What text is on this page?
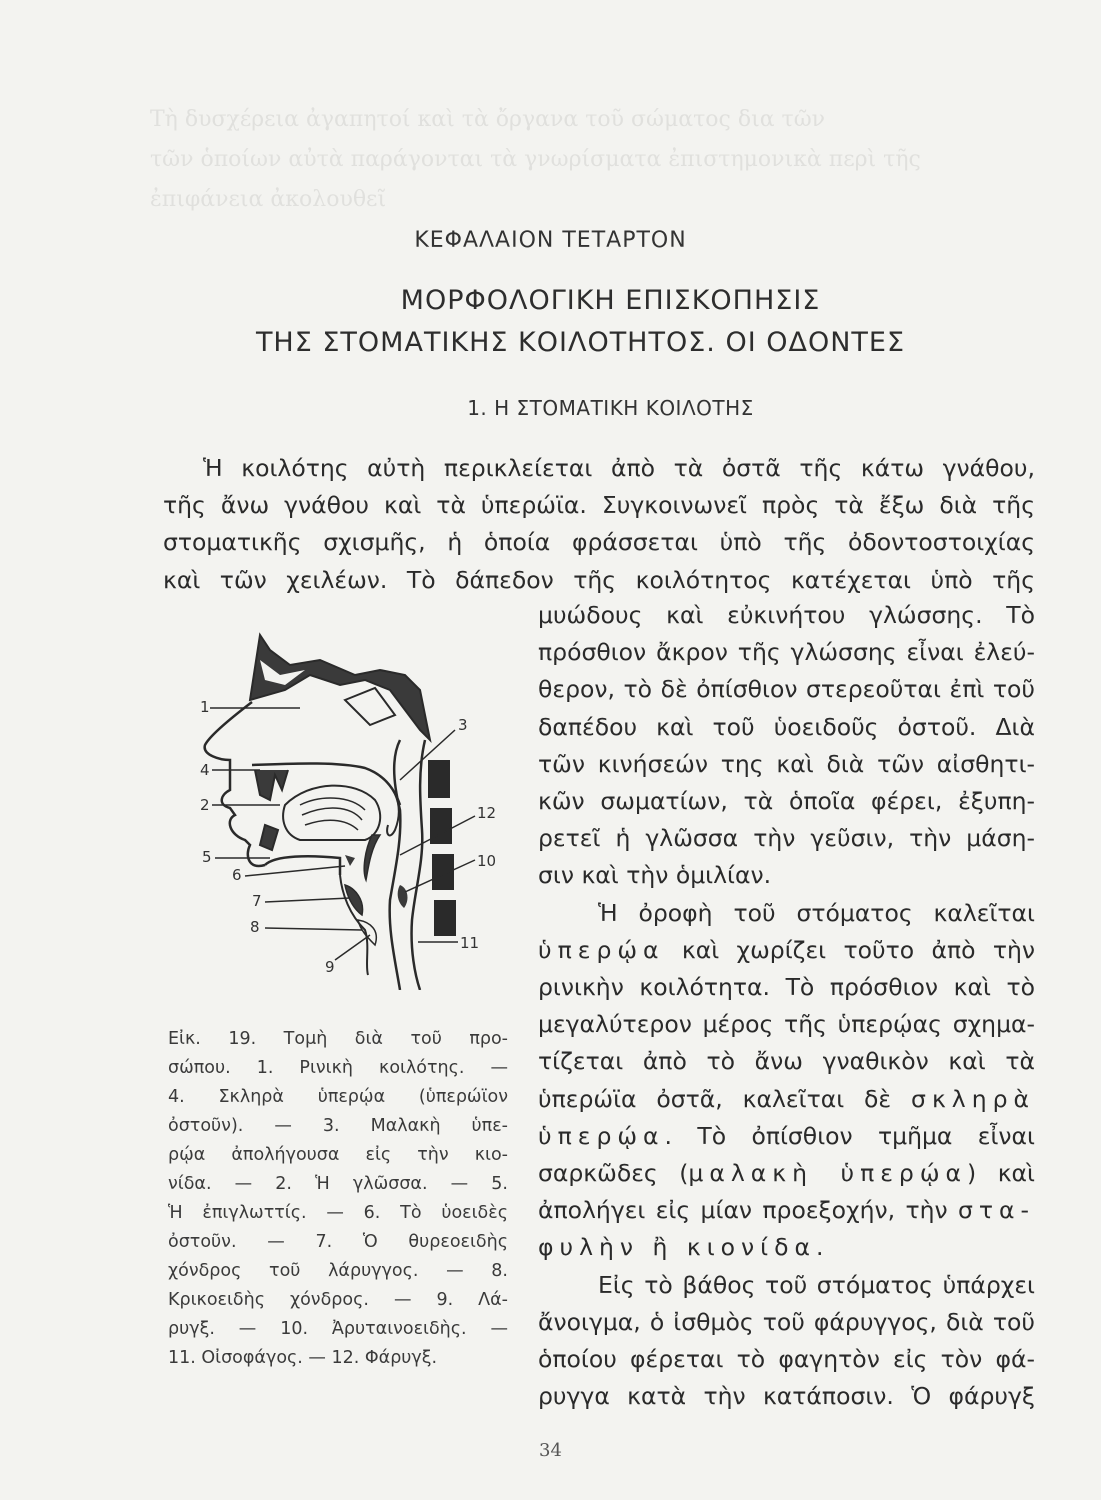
Τὴ δυσχέρεια ἀγαπητοί καὶ τὰ ὄργανα τοῦ σώματος δια τῶν
τῶν ὁποίων αὐτὰ παράγονται τὰ γνωρίσματα ἐπιστημονικὰ περὶ τῆς
ἐπιφάνεια ἀκολουθεῖ
ΚΕΦΑΛΑΙΟΝ ΤΕΤΑΡΤΟΝ
ΜΟΡΦΟΛΟΓΙΚΗ ΕΠΙΣΚΟΠΗΣΙΣ
ΤΗΣ ΣΤΟΜΑΤΙΚΗΣ ΚΟΙΛΟΤΗΤΟΣ. ΟΙ ΟΔΟΝΤΕΣ
1. Η ΣΤΟΜΑΤΙΚΗ ΚΟΙΛΟΤΗΣ
Ἡ κοιλότης αὐτὴ περικλείεται ἀπὸ τὰ ὀστᾶ τῆς κάτω γνάθου,
τῆς ἄνω γνάθου καὶ τὰ ὑπερώϊα. Συγκοινωνεῖ πρὸς τὰ ἔξω διὰ τῆς
στοματικῆς σχισμῆς, ἡ ὁποία φράσσεται ὑπὸ τῆς ὀδοντοστοιχίας
καὶ τῶν χειλέων. Τὸ δάπεδον τῆς κοιλότητος κατέχεται ὑπὸ τῆς
μυώδους καὶ εὐκινήτου γλώσσης. Τὸ
πρόσθιον ἄκρον τῆς γλώσσης εἶναι ἐλεύ-
θερον, τὸ δὲ ὀπίσθιον στερεοῦται ἐπὶ τοῦ
δαπέδου καὶ τοῦ ὑοειδοῦς ὀστοῦ. Διὰ
τῶν κινήσεών της καὶ διὰ τῶν αἰσθητι-
κῶν σωματίων, τὰ ὁποῖα φέρει, ἐξυπη-
ρετεῖ ἡ γλῶσσα τὴν γεῦσιν, τὴν μάση-
σιν καὶ τὴν ὁμιλίαν.
Ἡ ὀροφὴ τοῦ στόματος καλεῖται
ὑπερῴα καὶ χωρίζει τοῦτο ἀπὸ τὴν
ρινικὴν κοιλότητα. Τὸ πρόσθιον καὶ τὸ
μεγαλύτερον μέρος τῆς ὑπερῴας σχημα-
τίζεται ἀπὸ τὸ ἄνω γναθικὸν καὶ τὰ
ὑπερώϊα ὀστᾶ, καλεῖται δὲ σκληρὰ
ὑπερῴα. Τὸ ὀπίσθιον τμῆμα εἶναι
σαρκῶδες (μαλακὴ ὑπερῴα) καὶ
ἀπολήγει εἰς μίαν προεξοχήν, τὴν στα-
φυλὴν ἢ κιονίδα.
Εἰς τὸ βάθος τοῦ στόματος ὑπάρχει
ἄνοιγμα, ὁ ἰσθμὸς τοῦ φάρυγγος, διὰ τοῦ
ὁποίου φέρεται τὸ φαγητὸν εἰς τὸν φά-
ρυγγα κατὰ τὴν κατάποσιν. Ὁ φάρυγξ
1
4
2
5
6
7
8
9
3
12
10
11
Εἰκ. 19. Τομὴ διὰ τοῦ προ-
σώπου. 1. Ρινικὴ κοιλότης. —
4. Σκληρὰ ὑπερῴα (ὑπερώϊον
ὀστοῦν). — 3. Μαλακὴ ὑπε-
ρῴα ἀπολήγουσα εἰς τὴν κιο-
νίδα. — 2. Ἡ γλῶσσα. — 5.
Ἡ ἐπιγλωττίς. — 6. Τὸ ὑοειδὲς
ὀστοῦν. — 7. Ὁ θυρεοειδὴς
χόνδρος τοῦ λάρυγγος. — 8.
Κρικοειδὴς χόνδρος. — 9. Λά-
ρυγξ. — 10. Ἀρυταινοειδὴς. —
11. Οἰσοφάγος. — 12. Φάρυγξ.
34
